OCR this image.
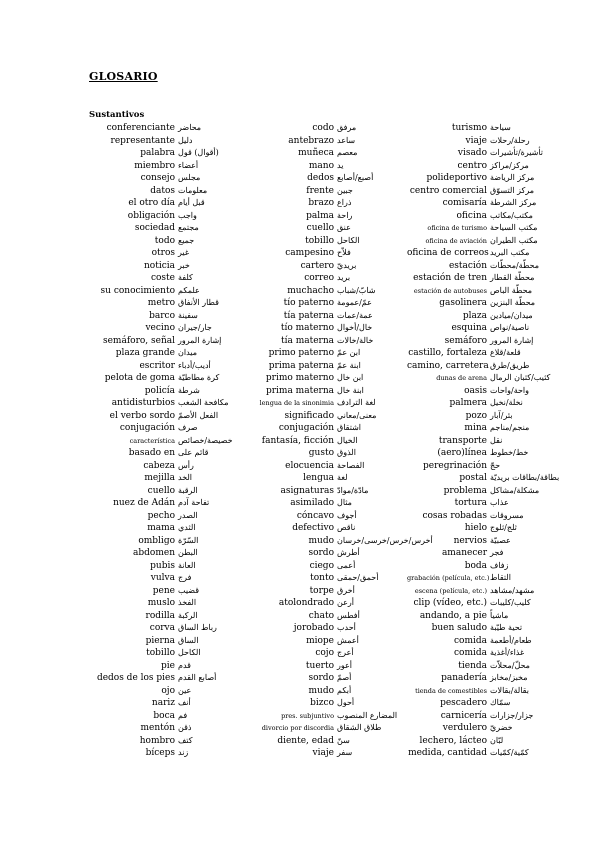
GLOSARIO
Sustantivos
conferenciante محاضر
representante دليل
palabra (أقوال) قول
miembro أعضاء
consejo مجلس
datos معلومات
el otro día قبل أيام
obligación واجب
sociedad مجتمع
todo جميع
otros غير
noticia خبر
coste كلفة
su conocimiento علمكم
metro قطار الأنفاق
barco سفينة
vecino جار/جيران
semáforo, señal إشارة المرور
plaza grande ميدان
escritor أديب/أدباء
pelota de goma كرة مطاطيّة
policía شرطة
antidisturbios مكافحة الشغب
el verbo sordo الفعل الأصمّ
conjugación صرف
característica خصيصة/خصائص
basado en قائم على
cabeza رأس
mejilla الخد
cuello الرقبة
nuez de Adán تفاحة آدم
pecho الصدر
mama الثدي
ombligo السّرّة
abdomen البطن
pubis العانة
vulva فرج
pene قضيب
muslo الفخذ
rodilla الركبة
corva رباط الساق
pierna الساق
tobillo الكاحل
pie قدم
dedos de los pies أصابع القدم
ojo عين
nariz أنف
boca فم
mentón ذقن
hombro كتف
bíceps زند
codo مرفق
antebrazo ساعد
muñeca معصم
mano يد
dedos أصبع/أصابع
frente جبين
brazo ذراع
palma راحة
cuello عنق
tobillo الكاحل
campesino فلاّح
cartero بريديّ
correo بريد
muchacho شابّ/شباب
tío paterno عمّ/عمومة
tía paterna عمة/عمات
tío materno خال/أخوال
tía materna خالة/خالات
primo paterno ابن عمّ
prima paterna ابنة عمّ
primo materno ابن خال
prima materna ابنة خال
lengua de la sinonimia لغة الترادف
significado معنى/معاني
conjugación اشتقاق
fantasía, ficción الخيال
gusto الذوق
elocuencia الفصاحة
lengua لغة
asignaturas مادّة/موادّ
asimilado مثال
cóncavo أجوف
defectivo ناقص
mudo أخرس/خرس/خرسى/خرسان
sordo أطرش
ciego أعمى
tonto أحمق/حمقى
torpe أخرق
atolondrado أرعن
chato أفطس
jorobado أحدب
miope أعمش
cojo أعرج
tuerto أعور
sordo أصمّ
mudo أبكم
bizco أحول
pres. subjuntivo المضارع المنصوب
divorcio por discordia طلاق الشقاق
diente, edad سنّ
viaje سفر
turismo سياحة
viaje رحلة/رحلات
visado تأشيرة/تأشيرات
centro مركز/مراكز
polideportivo مركز الرياضة
centro comercial مركز التسوّق
comisaría مركز الشرطة
oficina مكتب/مكاتب
oficina de turismo مكتب السياحة
oficina de aviación مكتب الطيران
oficina de correos مكتب البريد
estación محطّة/محطّات
estación de tren محطّة القطار
estación de autobuses محطّة الباص
gasolinera محطّة البنزين
plaza ميدان/ميادين
esquina ناصية/نواص
semáforo إشارة المرور
castillo, fortaleza قلعة/قلاع
camino, carretera طريق/طرق
dunas de arena كثيب/كثبان الرمال
oasis واحة/واحات
palmera نخلة/نخيل
pozo بئر/آبار
mina منجم/مناجم
transporte نقل
(aero)línea خط/خطوط
peregrinación حجّ
postal بطاقة/بطاقات بريديّة
problema مشكلة/مشاكل
tortura عذاب
cosas robadas مسروقات
hielo ثلج/ثلوج
nervios عصبيّة
amanecer فجر
boda زفاف
grabación (película, etc.) التقاط
escena (película, etc.) مشهد/مشاهد
clip (vídeo, etc.) كليب/كليبات
andando, a pie ماشياً
buen saludo تحية طيّبة
comida طعام/أطعمة
comida غذاء/أغذية
tienda محلّ/محلاّت
panadería مخبز/مخابز
tienda de comestibles بقالة/بقالات
pescadero سمّاك
carnicería جزار/جزارات
verdulero خضريّ
lechero, lácteo لبّان
medida, cantidad كمّية/كمّيات
